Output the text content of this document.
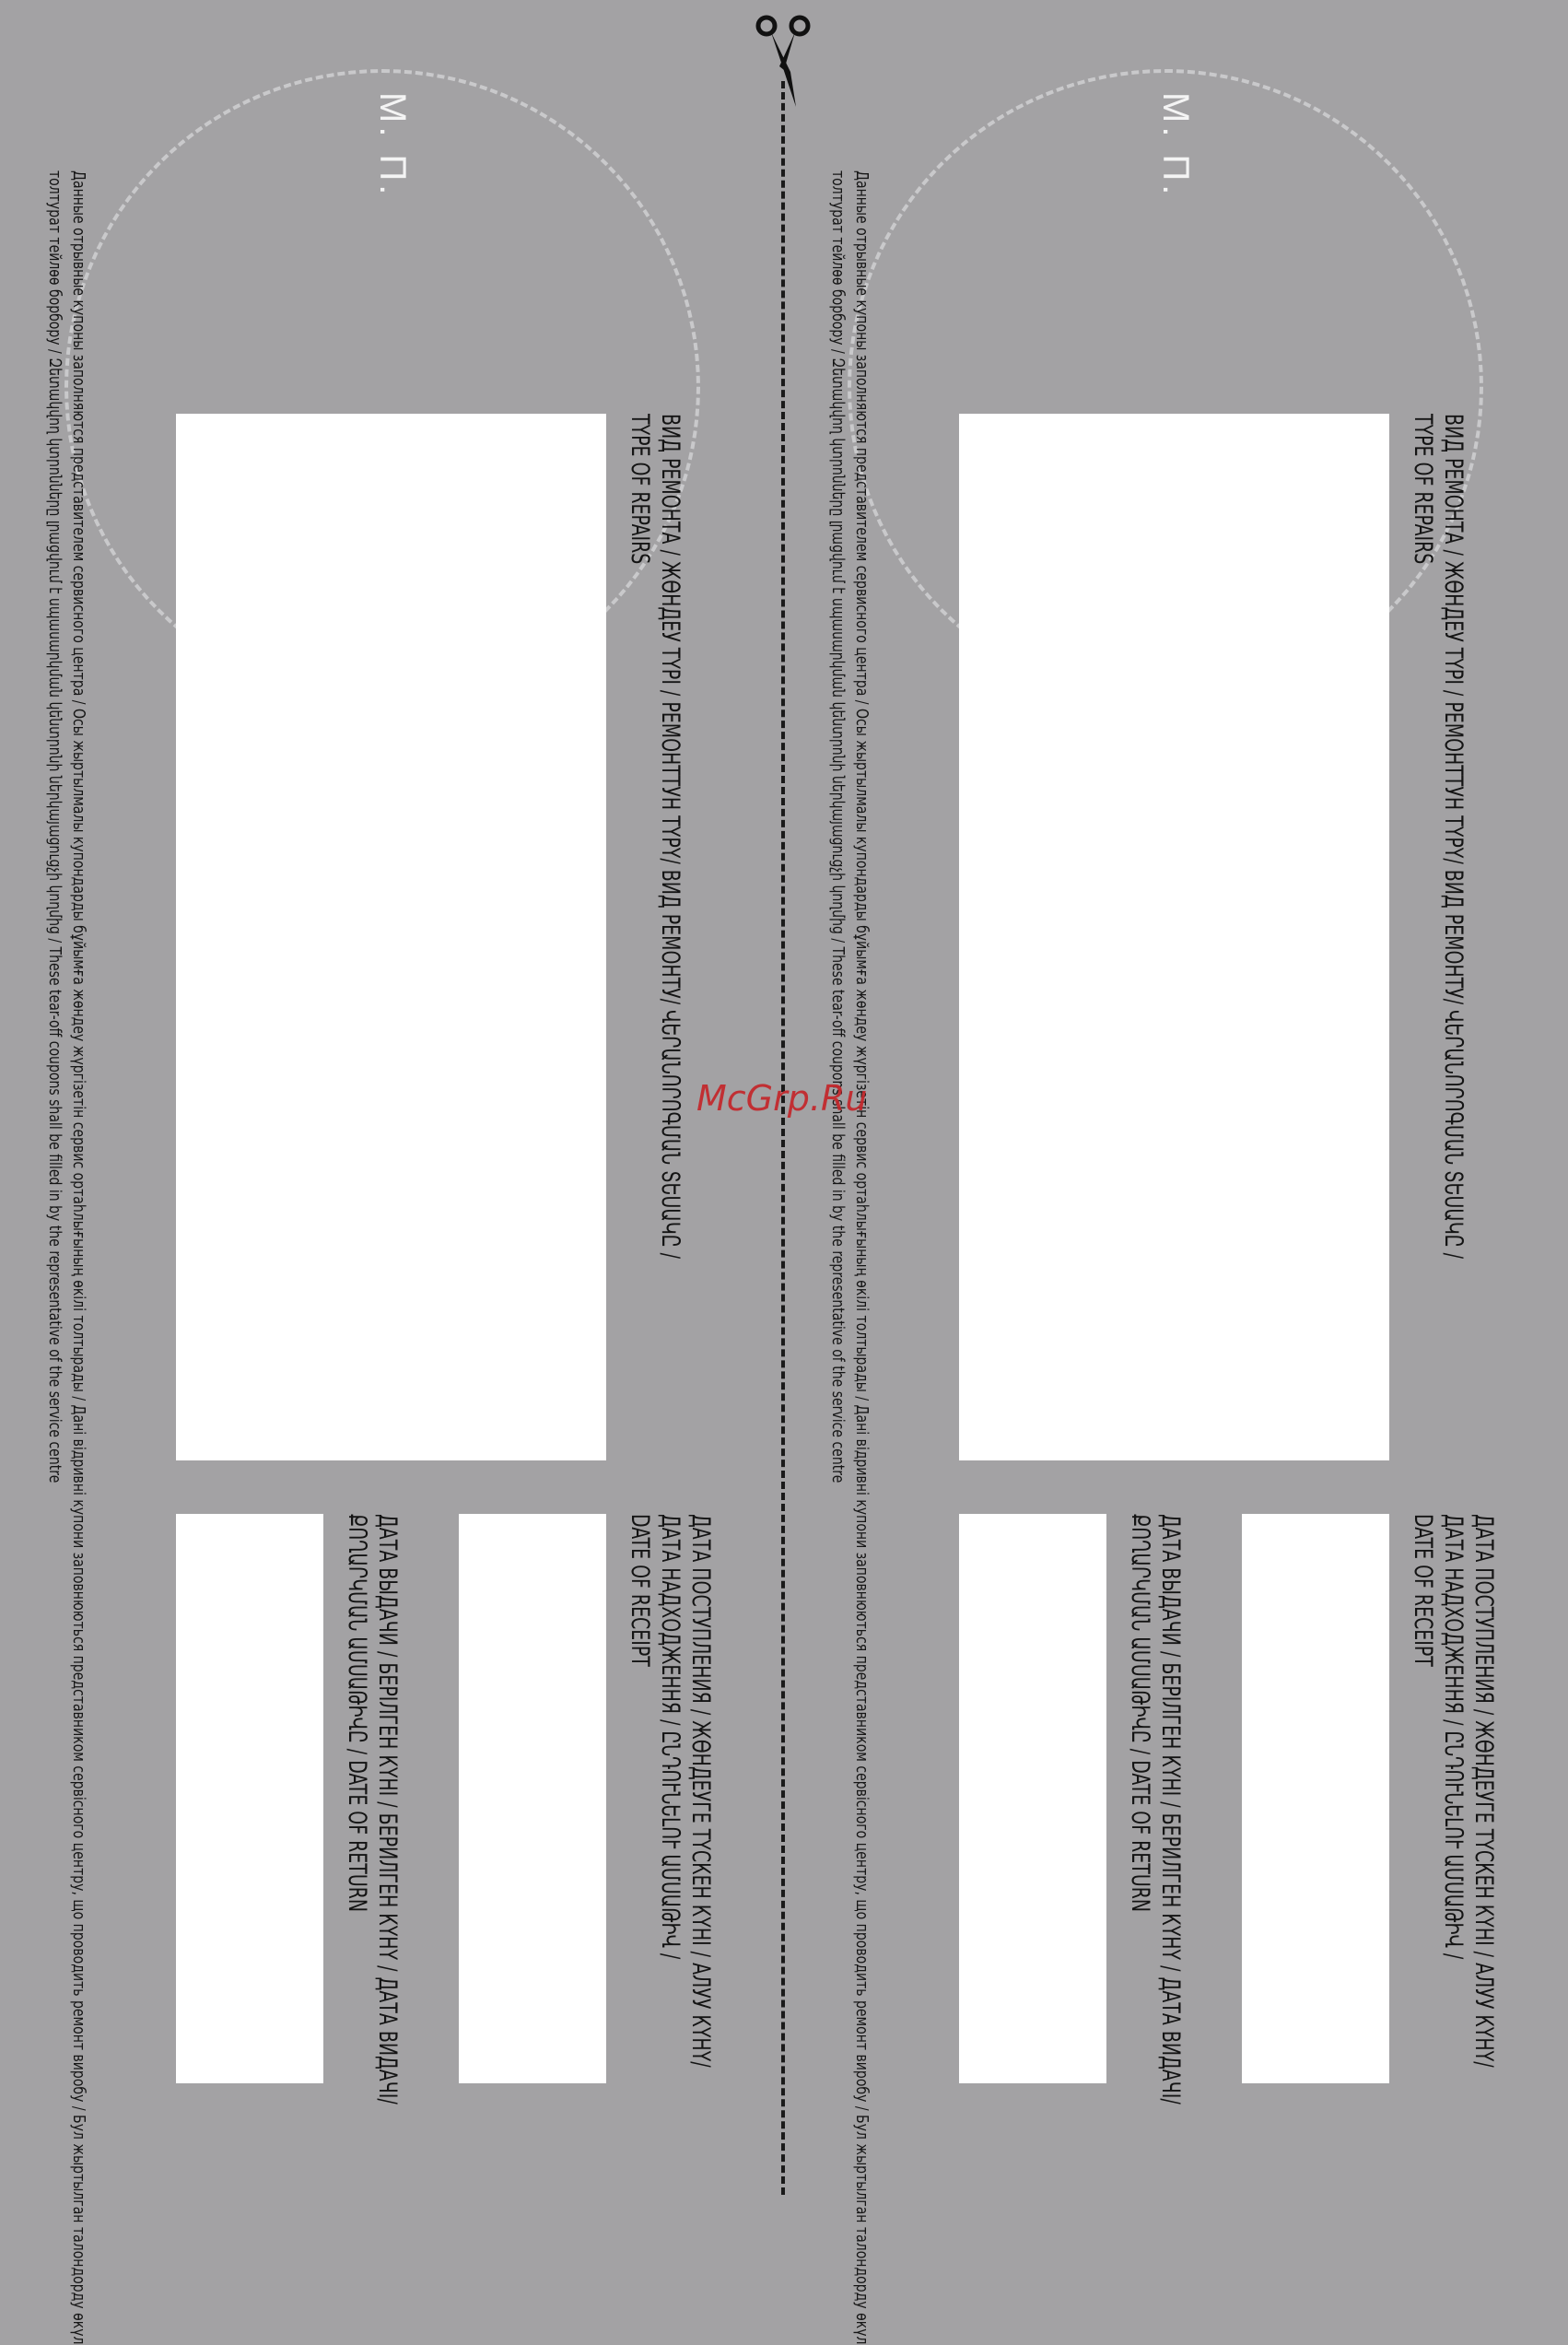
М. П.
ВИД РЕМОНТА / ЖӨНДЕУ ТҮРІ / РЕМОНТТУН ТҮРҮ/ ВИД РЕМОНТУ/ ՎԵՐԱՆՈՐՈԳՄԱՆ ՏԵՍԱԿԸ /
TYPE OF REPAIRS
ДАТА ПОСТУПЛЕНИЯ / ЖӨНДЕУГЕ ТҮСКЕН КҮНІ / АЛУУ КҮНҮ/
ДАТА НАДХОДЖЕННЯ / ԸՆԴՈՒՆԵԼՈՒ ԱՄՍԱԹԻՎ /
DATE OF RECEIPT
ДАТА ВЫДАЧИ / БЕРІЛГЕН КҮНІ / БЕРИЛГЕН КҮНҮ / ДАТА ВИДАЧІ/
ՔՈՂԱՐԿՄԱՆ ԱՄՍԱԹԻՎԸ / DATE OF RETURN
Данные отрывные купоны заполняются представителем сервисного центра / Осы жыртылмалы купондарды бұйымға жөндеу жүргізетін сервис ортаһлығының өкілі толтырады / Дані відривні купони заповнюються представником сервісного центру, що проводить ремонт виробу / Бул жыртылган талондорду өкүл
толтурат тейлөө борбору / Զետակվող կտրոնները լրացվում է սպասարկման կենտրոնի ներկայացուցչի կողմից / These tear-off coupons shall be filled in by the representative of the service centre
М. П.
ВИД РЕМОНТА / ЖӨНДЕУ ТҮРІ / РЕМОНТТУН ТҮРҮ/ ВИД РЕМОНТУ/ ՎԵՐԱՆՈՐՈԳՄԱՆ ՏԵՍԱԿԸ /
TYPE OF REPAIRS
ДАТА ПОСТУПЛЕНИЯ / ЖӨНДЕУГЕ ТҮСКЕН КҮНІ / АЛУУ КҮНҮ/
ДАТА НАДХОДЖЕННЯ / ԸՆԴՈՒՆԵԼՈՒ ԱՄՍԱԹԻՎ /
DATE OF RECEIPT
ДАТА ВЫДАЧИ / БЕРІЛГЕН КҮНІ / БЕРИЛГЕН КҮНҮ / ДАТА ВИДАЧІ/
ՔՈՂԱՐԿՄԱՆ ԱՄՍԱԹԻՎԸ / DATE OF RETURN
Данные отрывные купоны заполняются представителем сервисного центра / Осы жыртылмалы купондарды бұйымға жөндеу жүргізетін сервис ортаһлығының өкілі толтырады / Дані відривні купони заповнюються представником сервісного центру, що проводить ремонт виробу / Бул жыртылган талондорду өкүл
толтурат тейлөө борбору / Զետակվող կտրոնները լրացվում է սպասարկման կենտրոնի ներկայացուցչի կողմից / These tear-off coupons shall be filled in by the representative of the service centre
McGrp.Ru
